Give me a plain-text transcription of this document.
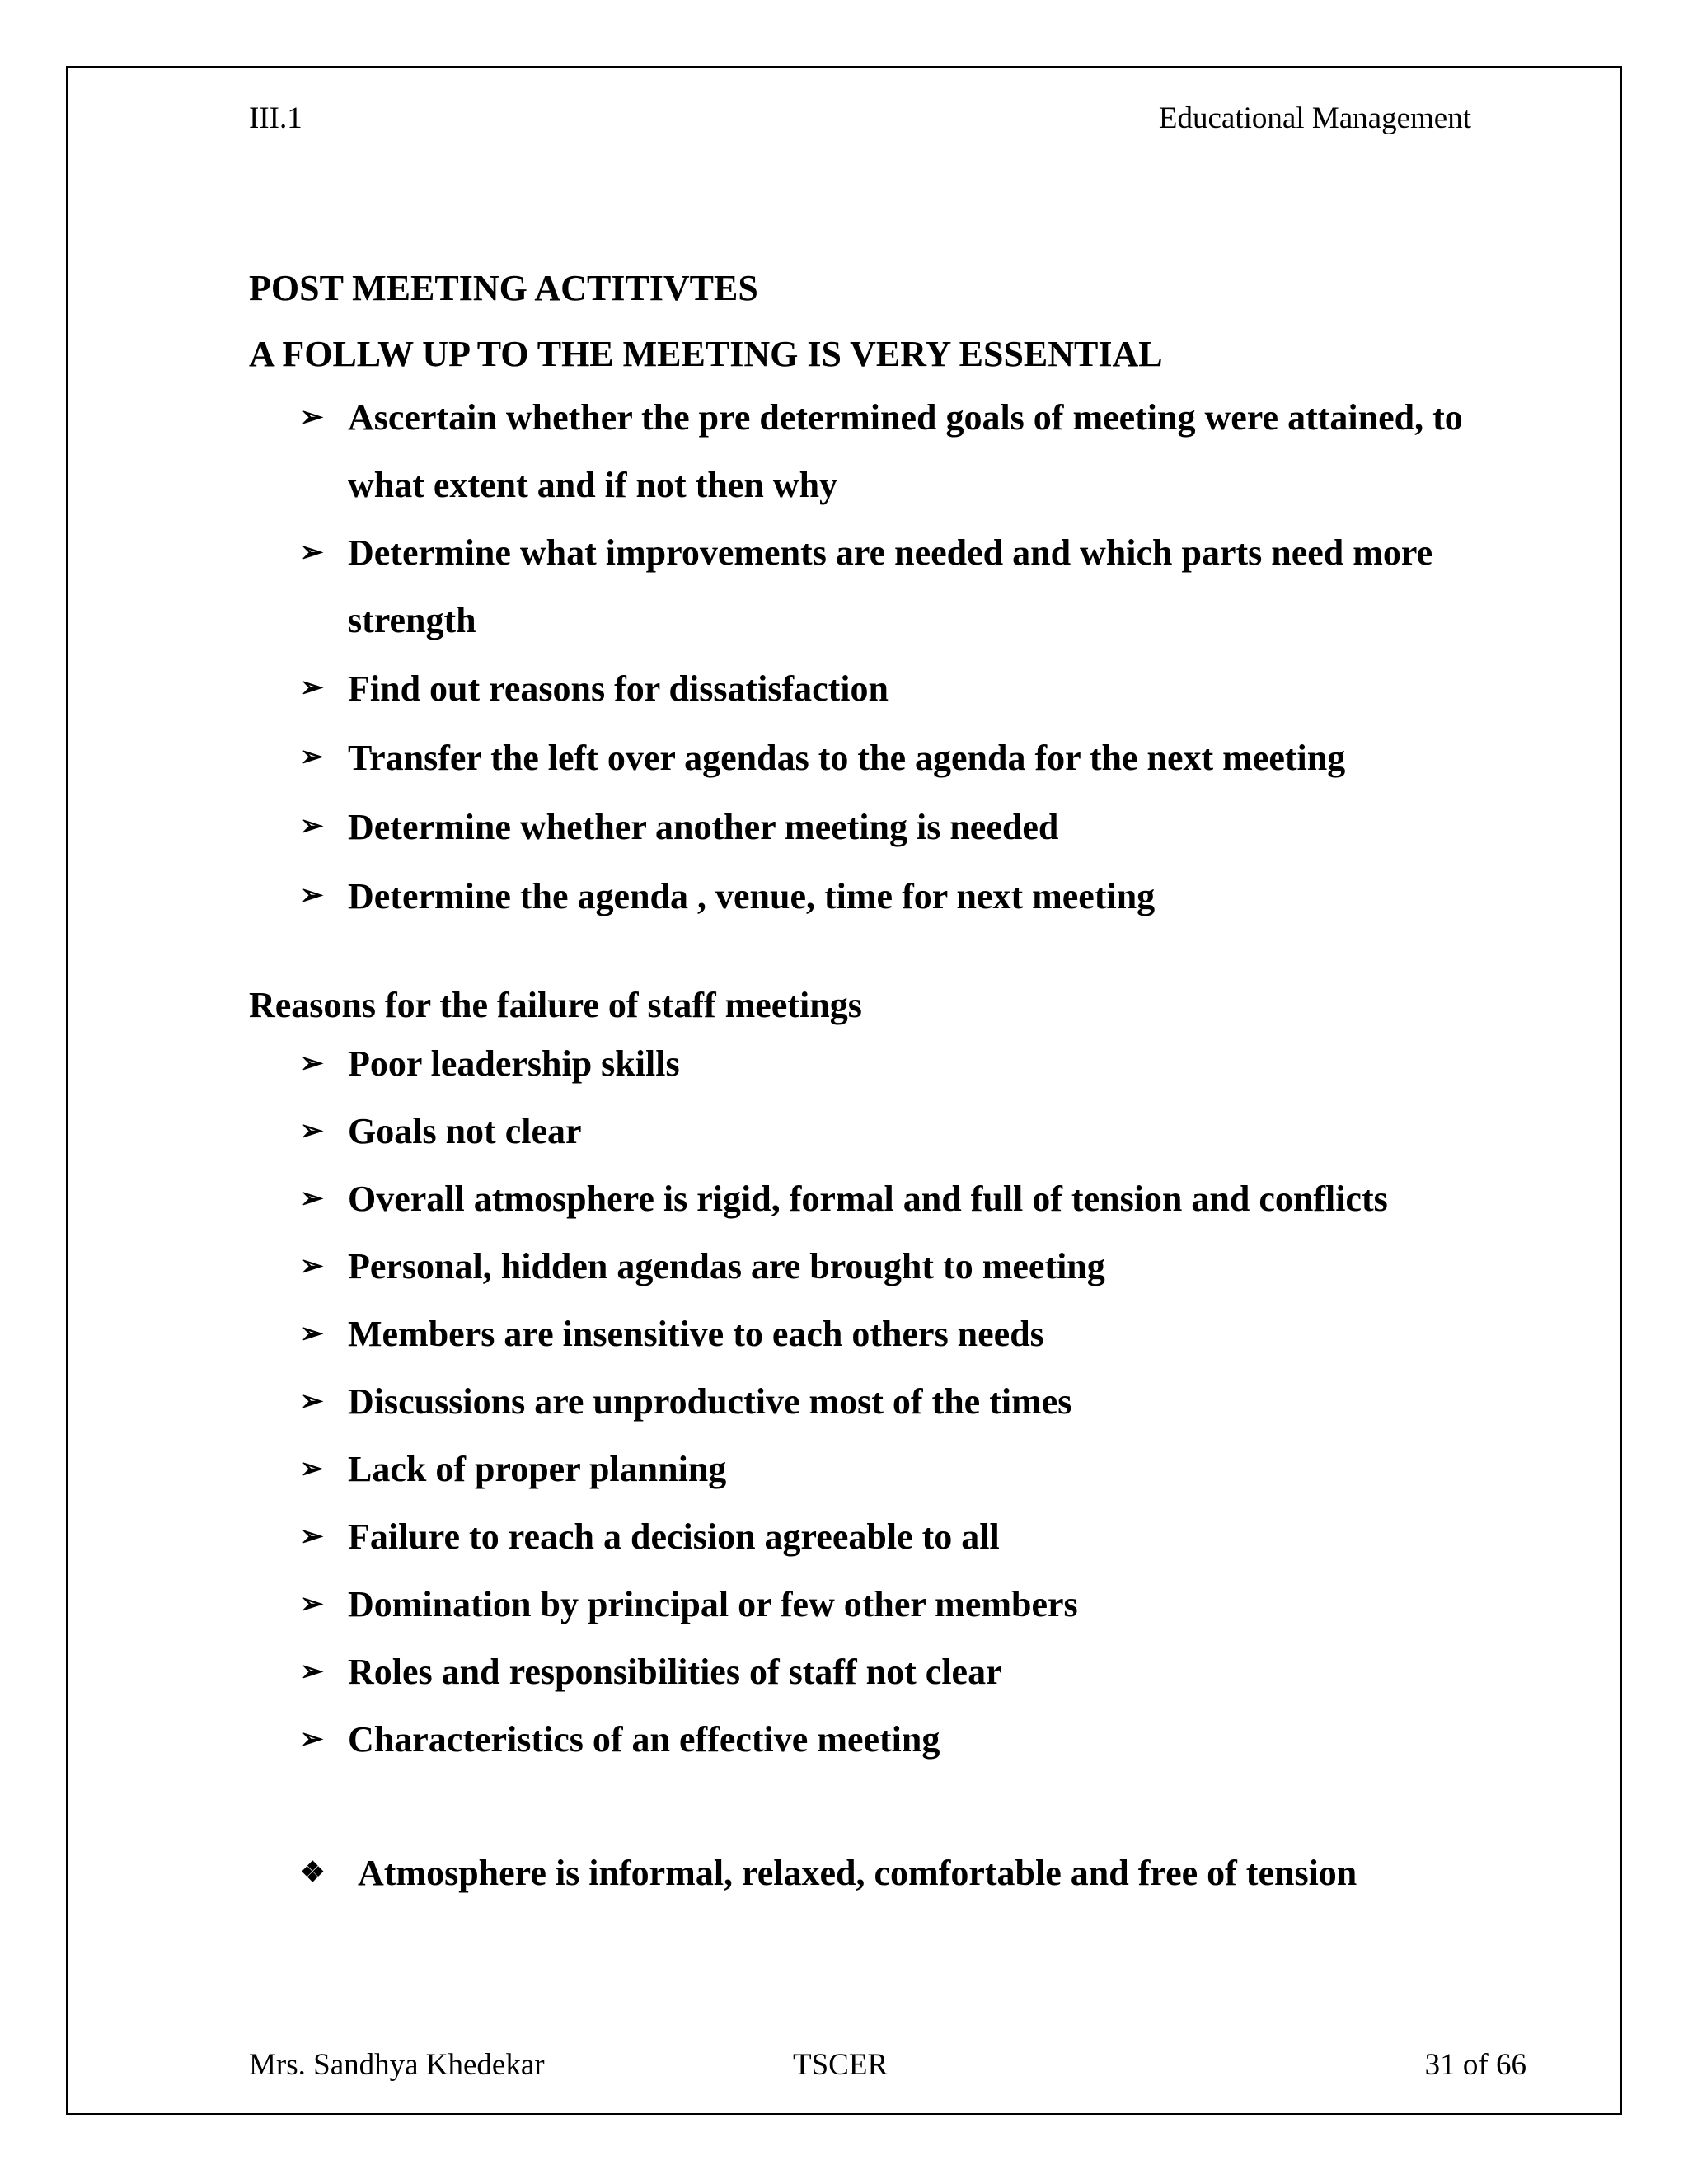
III.1	Educational Management
POST MEETING ACTITIVTES
A FOLLW UP TO THE MEETING IS VERY ESSENTIAL
➢ Ascertain whether the pre determined goals of meeting were attained, to what extent and if not then why
➢ Determine what improvements are needed and which parts need more strength
➢ Find out reasons for dissatisfaction
➢ Transfer the left over agendas to the agenda for the next meeting
➢ Determine whether another meeting is needed
➢ Determine the agenda , venue, time for next meeting
Reasons for the failure of staff meetings
➢ Poor leadership skills
➢ Goals not clear
➢ Overall atmosphere is rigid, formal and full of tension and conflicts
➢ Personal, hidden agendas are brought to meeting
➢ Members are insensitive to each others needs
➢ Discussions are unproductive most of the times
➢ Lack of proper planning
➢ Failure to reach a decision agreeable to all
➢ Domination by principal or few other members
➢ Roles and responsibilities of staff not clear
➢ Characteristics of an effective meeting
❖ Atmosphere is informal, relaxed, comfortable and free of tension
Mrs. Sandhya Khedekar	TSCER	31 of 66
